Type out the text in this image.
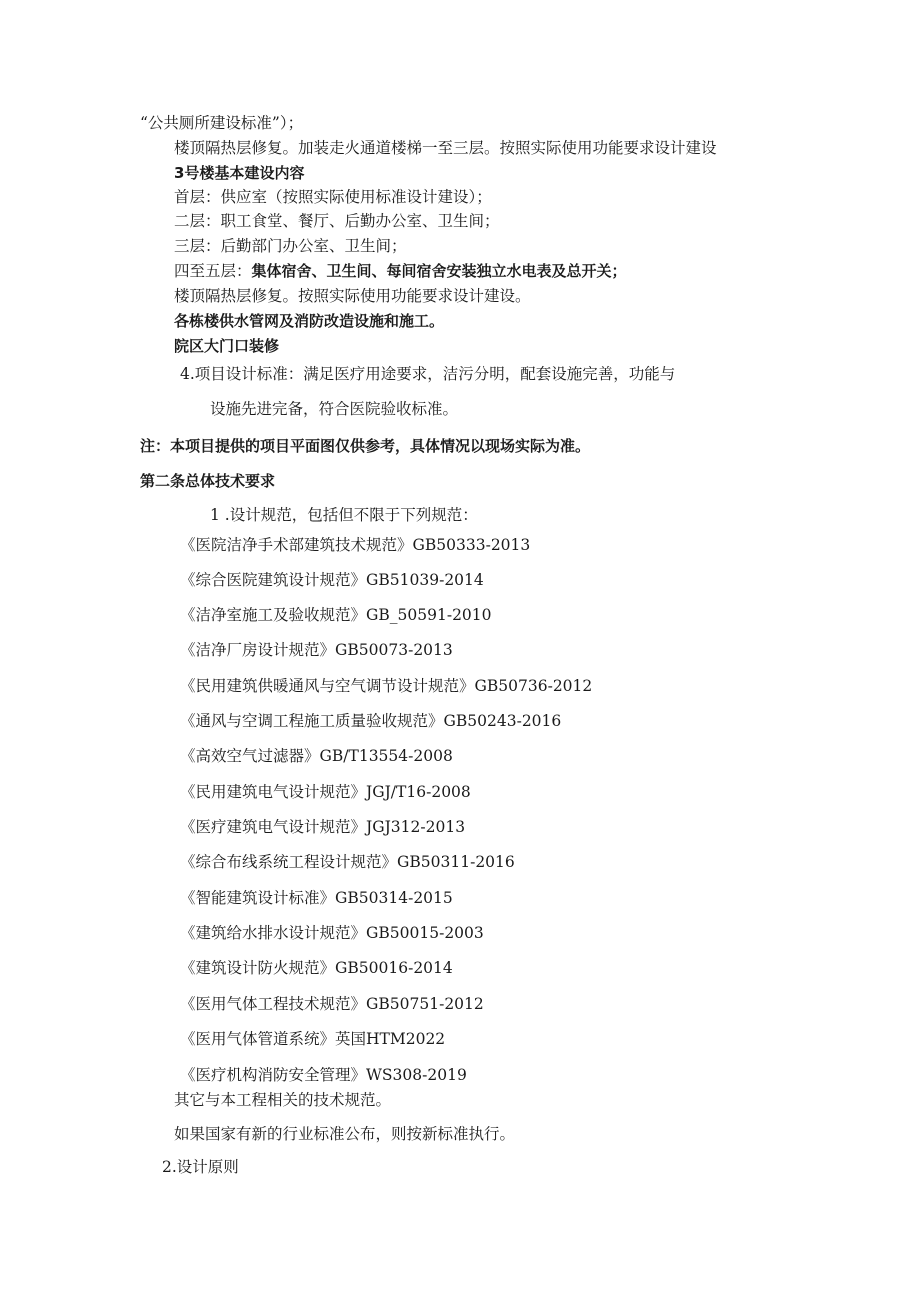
“公共厕所建设标准”）；
楼顶隔热层修复。加装走火通道楼梯一至三层。按照实际使用功能要求设计建设
3号楼基本建设内容
首层：供应室（按照实际使用标准设计建设）；
二层：职工食堂、餐厅、后勤办公室、卫生间；
三层：后勤部门办公室、卫生间；
四至五层：集体宿舍、卫生间、每间宿舍安装独立水电表及总开关；
楼顶隔热层修复。按照实际使用功能要求设计建设。
各栋楼供水管网及消防改造设施和施工。
院区大门口装修
4.项目设计标准：满足医疗用途要求，洁污分明，配套设施完善，功能与
设施先进完备，符合医院验收标准。
注：本项目提供的项目平面图仅供参考，具体情况以现场实际为准。
第二条总体技术要求
1 .设计规范，包括但不限于下列规范：
《医院洁净手术部建筑技术规范》GB50333-2013
《综合医院建筑设计规范》GB51039-2014
《洁净室施工及验收规范》GB_50591-2010
《洁净厂房设计规范》GB50073-2013
《民用建筑供暖通风与空气调节设计规范》GB50736-2012
《通风与空调工程施工质量验收规范》GB50243-2016
《高效空气过滤器》GB/T13554-2008
《民用建筑电气设计规范》JGJ/T16-2008
《医疗建筑电气设计规范》JGJ312-2013
《综合布线系统工程设计规范》GB50311-2016
《智能建筑设计标准》GB50314-2015
《建筑给水排水设计规范》GB50015-2003
《建筑设计防火规范》GB50016-2014
《医用气体工程技术规范》GB50751-2012
《医用气体管道系统》英国HTM2022
《医疗机构消防安全管理》WS308-2019
其它与本工程相关的技术规范。
如果国家有新的行业标准公布，则按新标准执行。
2.设计原则
